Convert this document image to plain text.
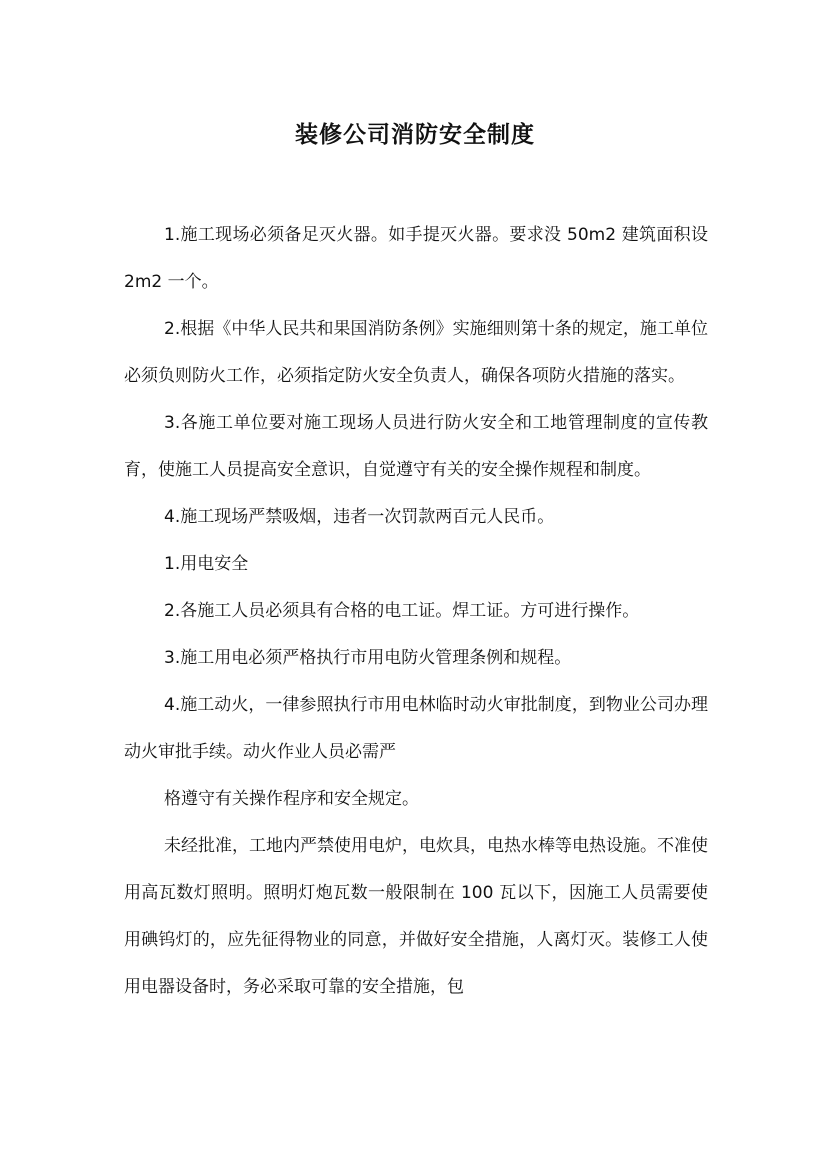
装修公司消防安全制度

1.施工现场必须备足灭火器。如手提灭火器。要求没 50m2 建筑面积设 2m2 一个。

2.根据《中华人民共和果国消防条例》实施细则第十条的规定，施工单位必须负则防火工作，必须指定防火安全负责人，确保各项防火措施的落实。

3.各施工单位要对施工现场人员进行防火安全和工地管理制度的宣传教育，使施工人员提高安全意识，自觉遵守有关的安全操作规程和制度。

4.施工现场严禁吸烟，违者一次罚款两百元人民币。

1.用电安全

2.各施工人员必须具有合格的电工证。焊工证。方可进行操作。

3.施工用电必须严格执行市用电防火管理条例和规程。

4.施工动火，一律参照执行市用电林临时动火审批制度，到物业公司办理动火审批手续。动火作业人员必需严

格遵守有关操作程序和安全规定。

未经批准，工地内严禁使用电炉，电炊具，电热水棒等电热设施。不准使用高瓦数灯照明。照明灯炮瓦数一般限制在 100 瓦以下，因施工人员需要使用碘钨灯的，应先征得物业的同意，并做好安全措施，人离灯灭。装修工人使用电器设备时，务必采取可靠的安全措施，包
